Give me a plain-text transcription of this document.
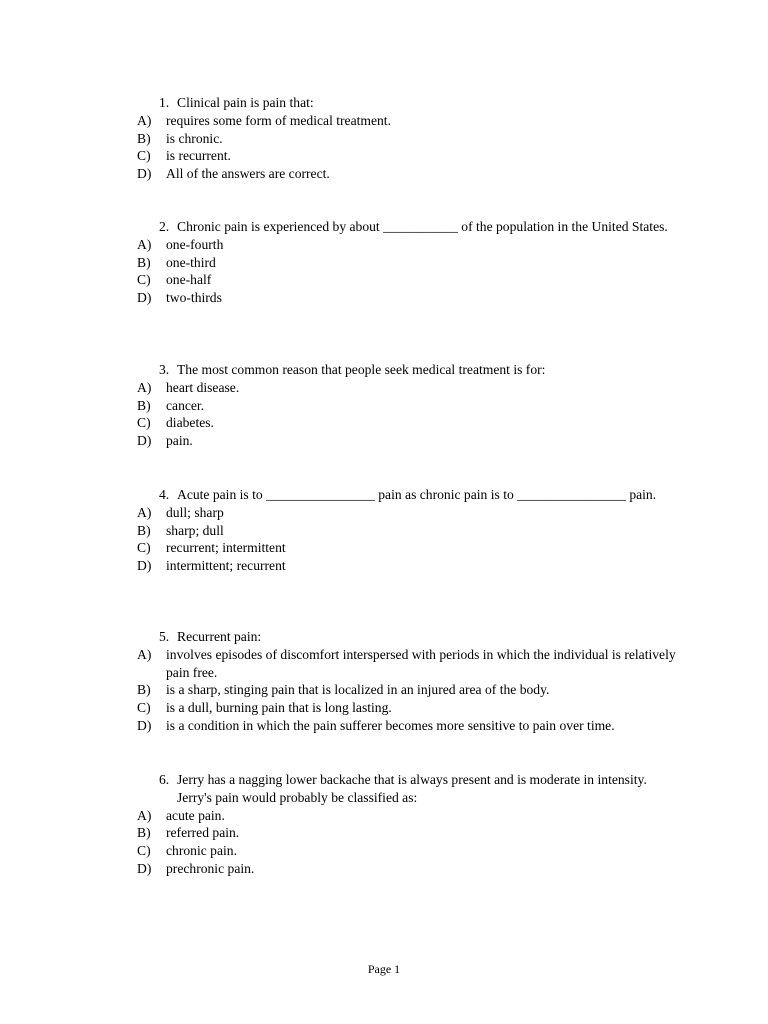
1. Clinical pain is pain that:
A)	requires some form of medical treatment.
B)	is chronic.
C)	is recurrent.
D)	All of the answers are correct.
2. Chronic pain is experienced by about ___________ of the population in the United States.
A)	one-fourth
B)	one-third
C)	one-half
D)	two-thirds
3. The most common reason that people seek medical treatment is for:
A)	heart disease.
B)	cancer.
C)	diabetes.
D)	pain.
4. Acute pain is to ________________ pain as chronic pain is to ________________ pain.
A)	dull; sharp
B)	sharp; dull
C)	recurrent; intermittent
D)	intermittent; recurrent
5. Recurrent pain:
A)	involves episodes of discomfort interspersed with periods in which the individual is relatively pain free.
B)	is a sharp, stinging pain that is localized in an injured area of the body.
C)	is a dull, burning pain that is long lasting.
D)	is a condition in which the pain sufferer becomes more sensitive to pain over time.
6. Jerry has a nagging lower backache that is always present and is moderate in intensity. Jerry's pain would probably be classified as:
A)	acute pain.
B)	referred pain.
C)	chronic pain.
D)	prechronic pain.
Page 1
